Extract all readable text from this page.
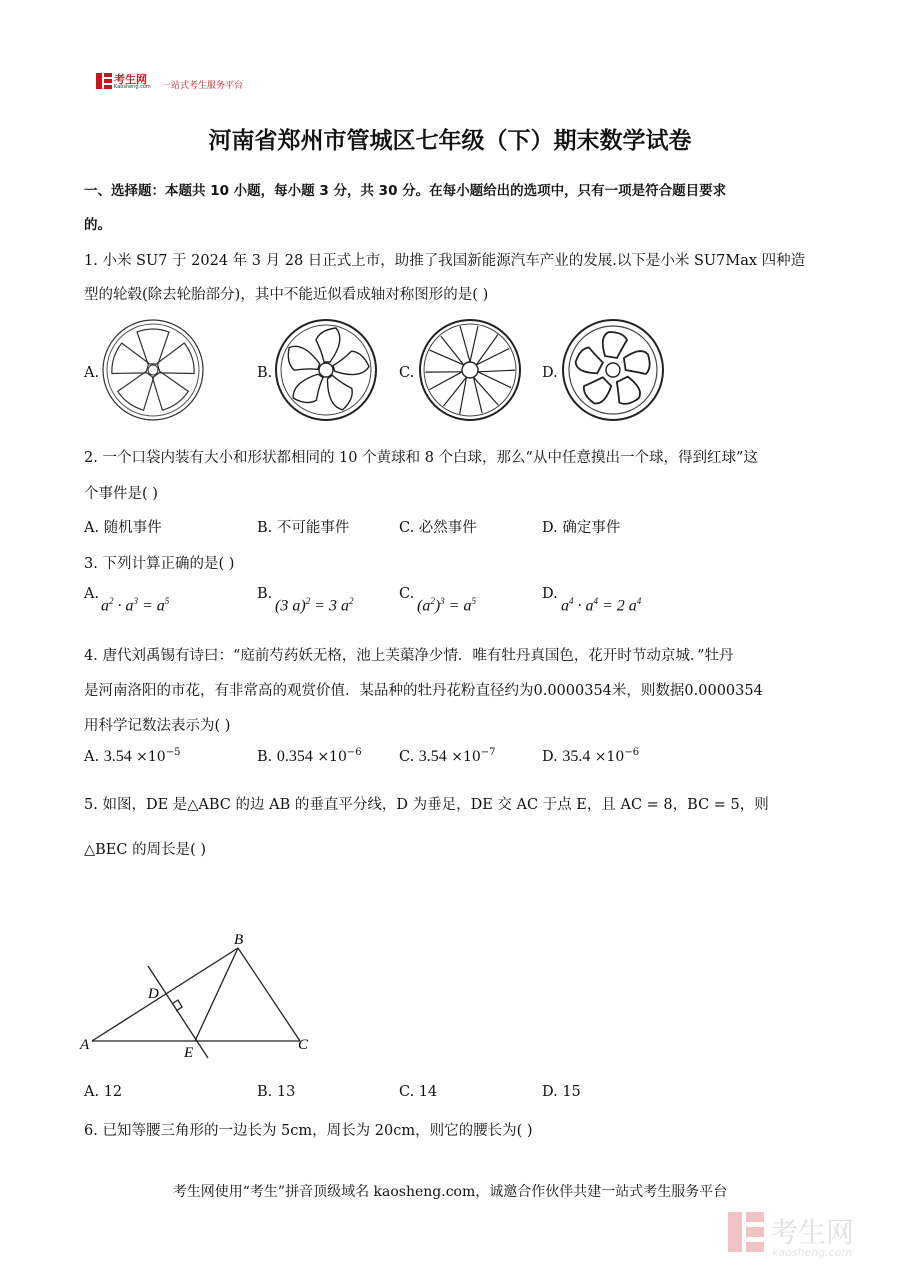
考生网
Kaosheng.com 一站式考生服务平台
河南省郑州市管城区七年级（下）期末数学试卷
一、选择题：本题共 10 小题，每小题 3 分，共 30 分。在每小题给出的选项中，只有一项是符合题目要求
的。
1. 小米 SU7 于 2024 年 3 月 28 日正式上市，助推了我国新能源汽车产业的发展.以下是小米 SU7Max 四种造
型的轮毂(除去轮胎部分)，其中不能近似看成轴对称图形的是( )
A.	B.	C.	D.
2. 一个口袋内装有大小和形状都相同的 10 个黄球和 8 个白球，那么“从中任意摸出一个球，得到红球”这
个事件是( )
A. 随机事件	B. 不可能事件	C. 必然事件	D. 确定事件
3. 下列计算正确的是( )
A.
$a^2 \cdot a^3 = a^5$	B.
(3 a)$^2$ = 3 $a^2$	C.
$(a^2)^3 = a^5$	D.
$a^4 \cdot a^4 = 2$ $a^4$
4. 唐代刘禹锡有诗曰：“庭前芍药妖无格，池上芙蕖净少情．唯有牡丹真国色，花开时节动京城．”牡丹
是河南洛阳的市花，有非常高的观赏价值．某品种的牡丹花粉直径约为0.0000354米，则数据0.0000354
用科学记数法表示为( )
A. $3.54 \times 10^{-5}$	B. $0.354 \times 10^{-6}$	C. $3.54 \times 10^{-7}$	D. $35.4 \times 10^{-6}$
5. 如图，DE 是△ABC 的边 AB 的垂直平分线，D 为垂足，DE 交 AC 于点 E，且 AC = 8，BC = 5，则
△BEC 的周长是( )
A
B
C
D
E
A. 12	B. 13	C. 14	D. 15
6. 已知等腰三角形的一边长为 5cm，周长为 20cm，则它的腰长为( )
考生网使用“考生”拼音顶级域名 kaosheng.com，诚邀合作伙伴共建一站式考生服务平台
考生网
kaosheng.com
